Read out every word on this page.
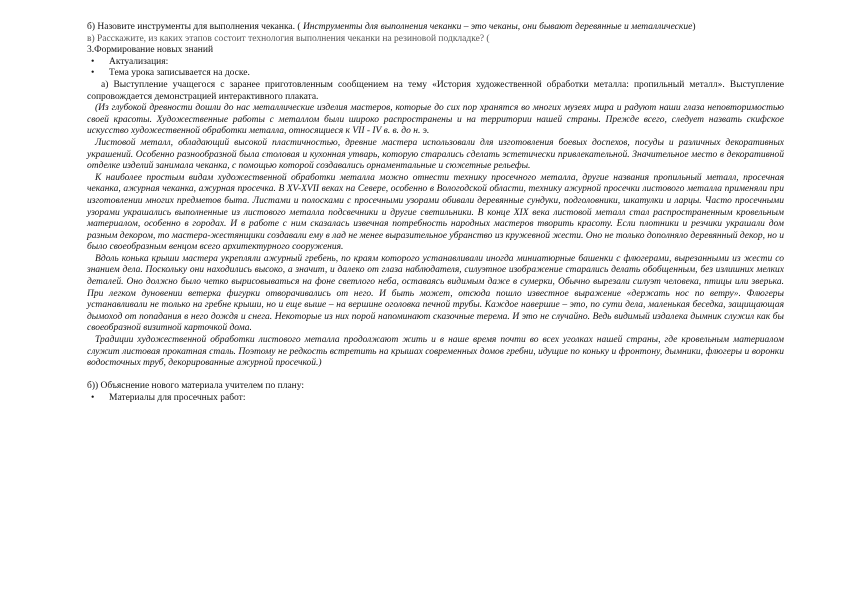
б) Назовите инструменты для выполнения чеканка. ( Инструменты для выполнения чеканки – это чеканы, они бывают деревянные и металлические)

в) Расскажите, из каких этапов состоит технология выполнения чеканки на резиновой подкладке? (

3.Формирование новых знаний

•	Актуализация:
•	Тема урока записывается на доске.

а) Выступление учащегося с заранее приготовленным сообщением на тему «История художественной обработки металла: пропильный металл». Выступление сопровождается демонстрацией интерактивного плаката.

(Из глубокой древности дошли до нас металлические изделия мастеров, которые до сих пор хранятся во многих музеях мира и радуют наши глаза неповторимостью своей красоты. Художественные работы с металлом были широко распространены и на территории нашей страны. Прежде всего, следует назвать скифское искусство художественной обработки металла, относящиеся к VII - IV в. в. до н. э.

Листовой металл, обладающий высокой пластичностью, древние мастера использовали для изготовления боевых доспехов, посуды и различных декоративных украшений. Особенно разнообразной была столовая и кухонная утварь, которую старались сделать эстетически привлекательной. Значительное место в декоративной отделке изделий занимала чеканка, с помощью которой создавались орнаментальные и сюжетные рельефы.

К наиболее простым видам художественной обработки металла можно отнести технику просечного металла, другие названия пропильный металл, просечная чеканка, ажурная чеканка, ажурная просечка. В XV-XVII веках на Севере, особенно в Вологодской области, технику ажурной просечки листового металла применяли при изготовлении многих предметов быта. Листами и полосками с просечными узорами обивали деревянные сундуки, подголовники, шкатулки и ларцы. Часто просечными узорами украшались выполненные из листового металла подсвечники и другие светильники. В конце XIX века листовой металл стал распространенным кровельным материалом, особенно в городах. И в работе с ним сказалась извечная потребность народных мастеров творить красоту. Если плотники и резчики украшали дом разным декором, то мастера-жестянщики создавали ему в лад не менее выразительное убранство из кружевной жести. Оно не только дополняло деревянный декор, но и было своеобразным венцом всего архитектурного сооружения.

Вдоль конька крыши мастера укрепляли ажурный гребень, по краям которого устанавливали иногда миниатюрные башенки с флюгерами, вырезанными из жести со знанием дела. Поскольку они находились высоко, а значит, и далеко от глаза наблюдателя, силуэтное изображение старались делать обобщенным, без излишних мелких деталей. Оно должно было четко вырисовываться на фоне светлого неба, оставаясь видимым даже в сумерки, Обычно вырезали силуэт человека, птицы или зверька. При легком дуновении ветерка фигурки отворачивались от него. И быть может, отсюда пошло известное выражение «держать нос по ветру». Флюгеры устанавливали не только на гребне крыши, но и еще выше – на вершине оголовка печной трубы. Каждое навершие – это, по сути дела, маленькая беседка, защищающая дымоход от попадания в него дождя и снега. Некоторые из них порой напоминают сказочные терема. И это не случайно. Ведь видимый издалека дымник служил как бы своеобразной визитной карточкой дома.

Традиции художественной обработки листового металла продолжают жить и в наше время почти во всех уголках нашей страны, где кровельным материалом служит листовая прокатная сталь. Поэтому не редкость встретить на крышах современных домов гребни, идущие по коньку и фронтону, дымники, флюгеры и воронки водосточных труб, декорированные ажурной просечкой.)

б)) Объяснение нового материала учителем по плану:

•	Материалы для просечных работ:
